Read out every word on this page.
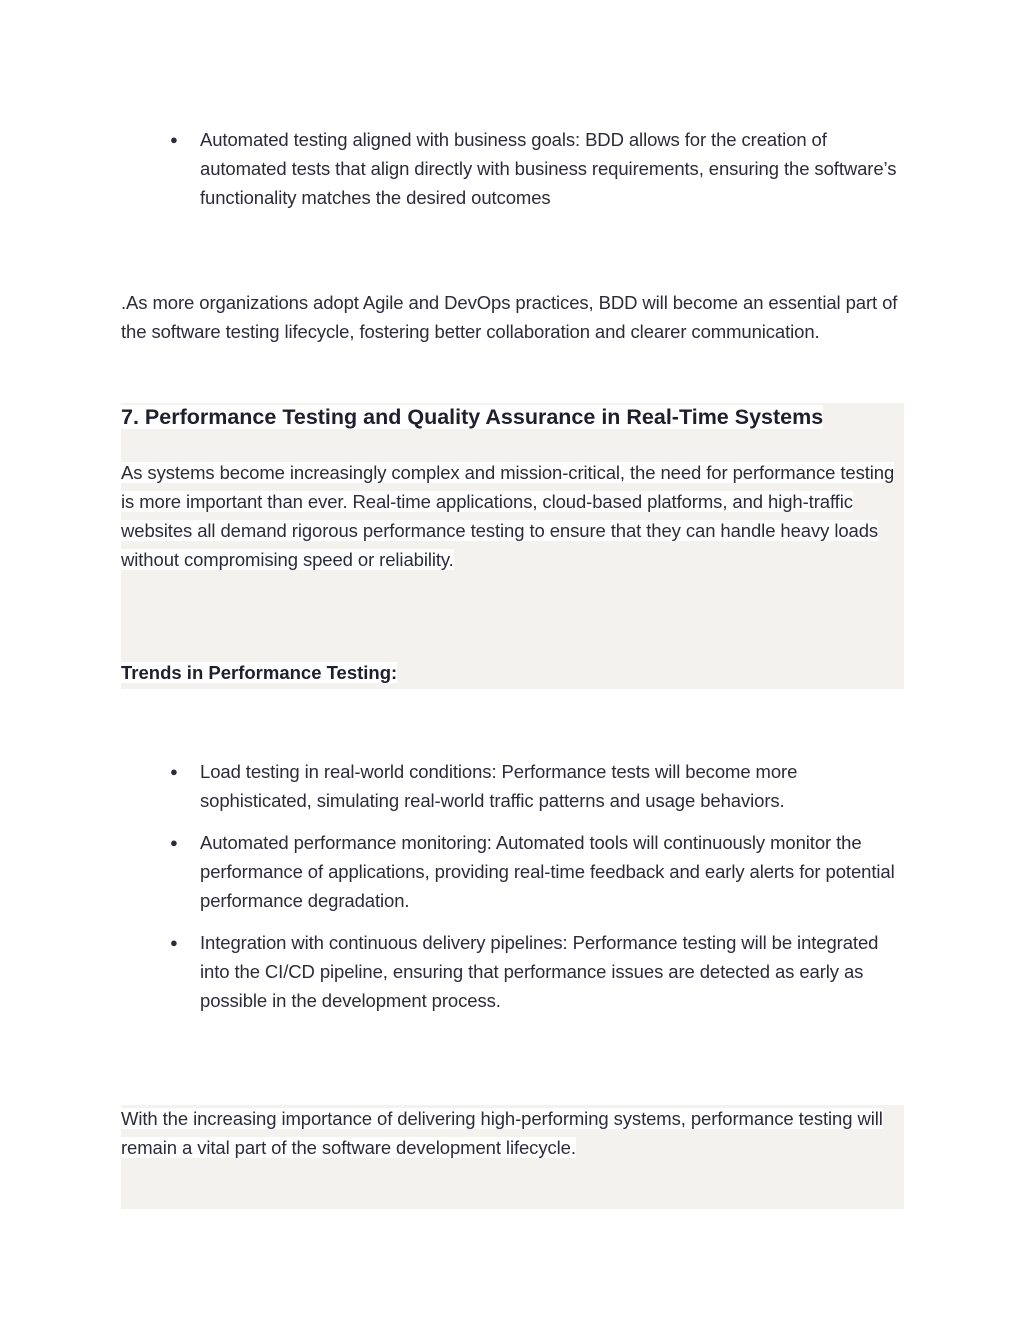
● Automated testing aligned with business goals: BDD allows for the creation of automated tests that align directly with business requirements, ensuring the software’s functionality matches the desired outcomes

.As more organizations adopt Agile and DevOps practices, BDD will become an essential part of the software testing lifecycle, fostering better collaboration and clearer communication.

7. Performance Testing and Quality Assurance in Real-Time Systems

As systems become increasingly complex and mission-critical, the need for performance testing is more important than ever. Real-time applications, cloud-based platforms, and high-traffic websites all demand rigorous performance testing to ensure that they can handle heavy loads without compromising speed or reliability.

Trends in Performance Testing:
● Load testing in real-world conditions: Performance tests will become more sophisticated, simulating real-world traffic patterns and usage behaviors.
● Automated performance monitoring: Automated tools will continuously monitor the performance of applications, providing real-time feedback and early alerts for potential performance degradation.
● Integration with continuous delivery pipelines: Performance testing will be integrated into the CI/CD pipeline, ensuring that performance issues are detected as early as possible in the development process.

With the increasing importance of delivering high-performing systems, performance testing will remain a vital part of the software development lifecycle.
